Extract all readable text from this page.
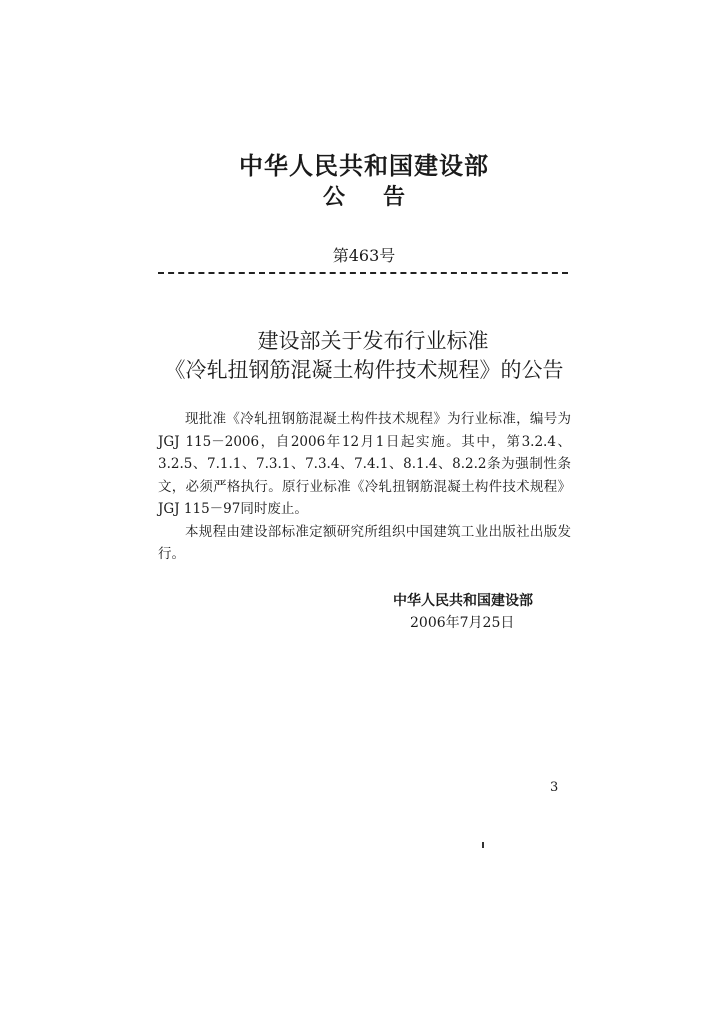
中华人民共和国建设部
公告
第463号
建设部关于发布行业标准
《冷轧扭钢筋混凝土构件技术规程》的公告

现批准《冷轧扭钢筋混凝土构件技术规程》为行业标准，编号为JGJ 115－2006，自2006年12月1日起实施。其中，第3.2.4、3.2.5、7.1.1、7.3.1、7.3.4、7.4.1、8.1.4、8.2.2条为强制性条文，必须严格执行。原行业标准《冷轧扭钢筋混凝土构件技术规程》JGJ 115－97同时废止。

本规程由建设部标准定额研究所组织中国建筑工业出版社出版发行。

中华人民共和国建设部
2006年7月25日
3
